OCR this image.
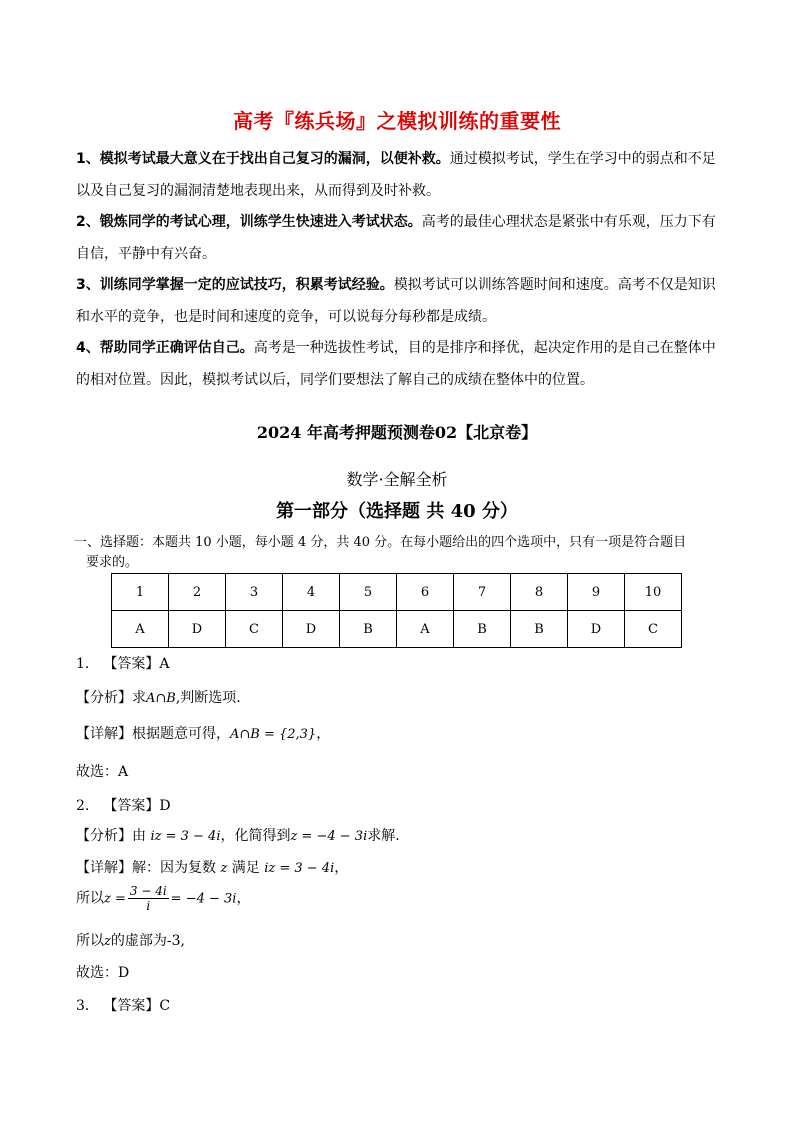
高考『练兵场』之模拟训练的重要性

1、模拟考试最大意义在于找出自己复习的漏洞，以便补救。通过模拟考试，学生在学习中的弱点和不足以及自己复习的漏洞清楚地表现出来，从而得到及时补救。

2、锻炼同学的考试心理，训练学生快速进入考试状态。高考的最佳心理状态是紧张中有乐观，压力下有自信，平静中有兴奋。

3、训练同学掌握一定的应试技巧，积累考试经验。模拟考试可以训练答题时间和速度。高考不仅是知识和水平的竞争，也是时间和速度的竞争，可以说每分每秒都是成绩。

4、帮助同学正确评估自己。高考是一种选拔性考试，目的是排序和择优，起决定作用的是自己在整体中的相对位置。因此，模拟考试以后，同学们要想法了解自己的成绩在整体中的位置。

2024 年高考押题预测卷02【北京卷】
数学·全解全析
第一部分（选择题 共 40 分）
一、选择题：本题共 10 小题，每小题 4 分，共 40 分。在每小题给出的四个选项中，只有一项是符合题目
要求的。
1	2	3	4	5	6	7	8	9	10
A	D	C	D	B	A	B	B	D	C
1． 【答案】A
【分析】求A∩B,判断选项.
【详解】根据题意可得，A∩B = {2,3}，
故选：A
2． 【答案】D
【分析】由 iz = 3 − 4i，化简得到z = −4 − 3i求解.
【详解】解：因为复数 z 满足 iz = 3 − 4i，
所以$z = \frac{3 - 4i}{i} = -4 - 3i$，
所以z的虚部为-3,
故选：D
3． 【答案】C
